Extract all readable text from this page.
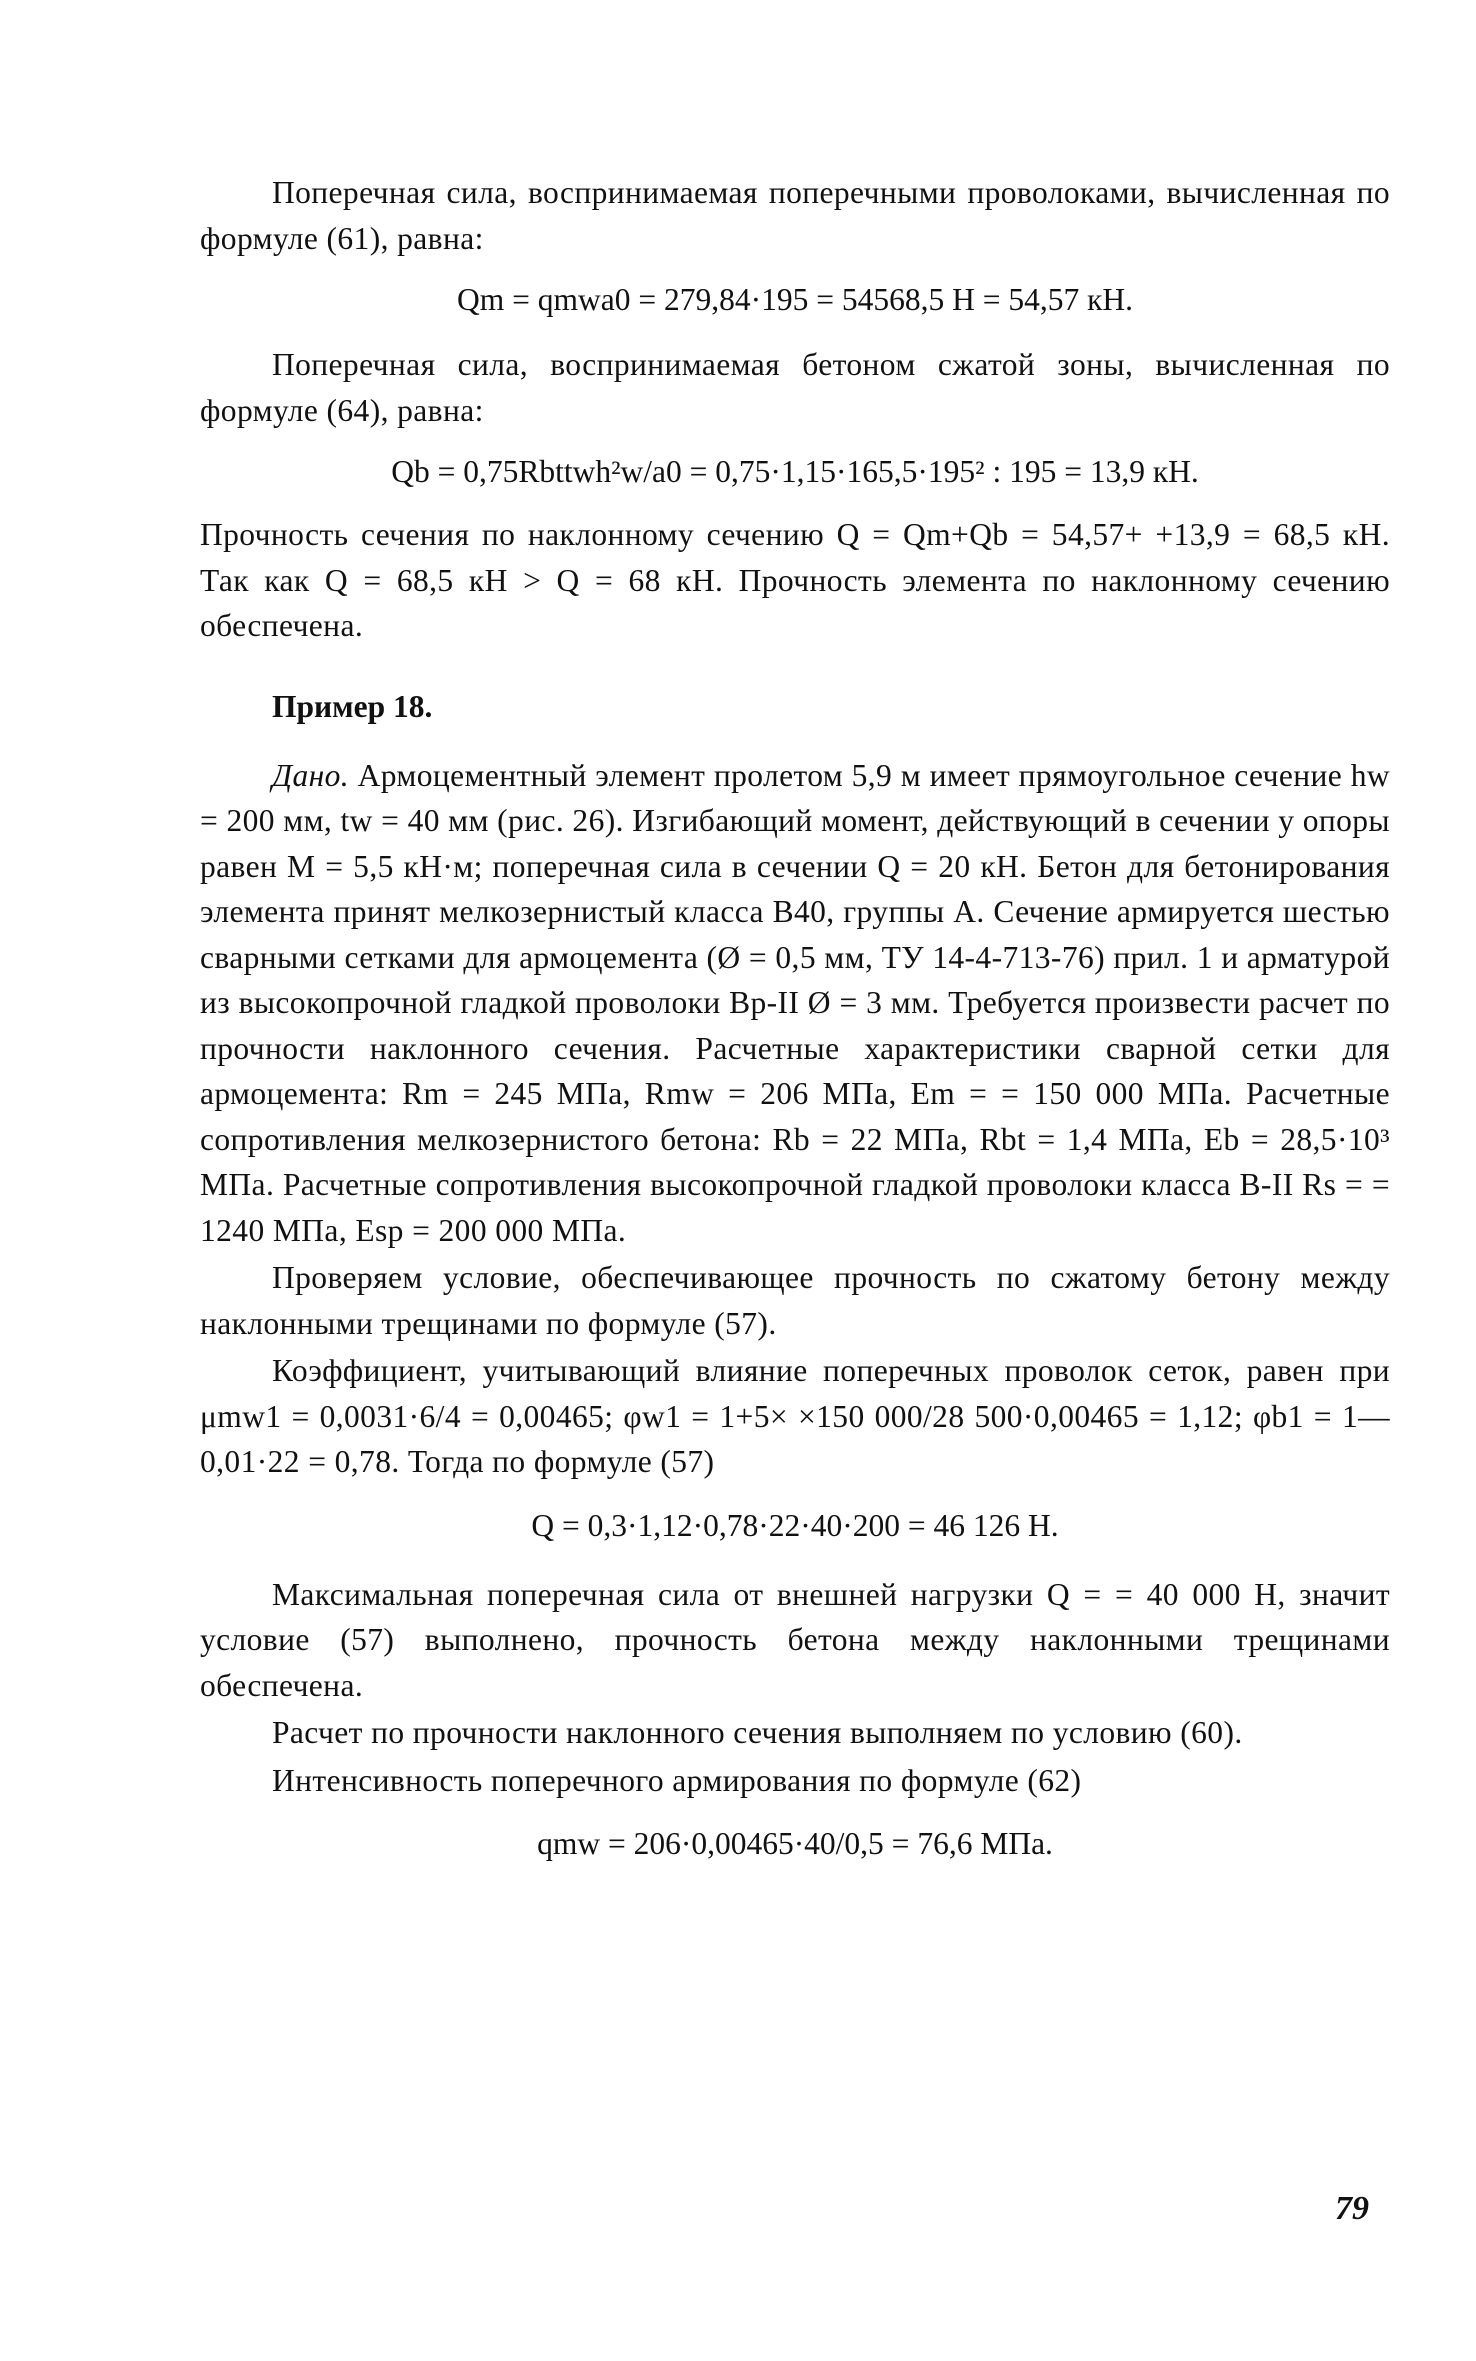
Поперечная сила, воспринимаемая поперечными проволоками, вычисленная по формуле (61), равна:

Qm = qmwa0 = 279,84·195 = 54568,5 Н = 54,57 кН.

Поперечная сила, воспринимаемая бетоном сжатой зоны, вычисленная по формуле (64), равна:

Qb = 0,75Rbttwh²w/a0 = 0,75·1,15·165,5·195² : 195 = 13,9 кН.

Прочность сечения по наклонному сечению Q = Qm+Qb = 54,57+ +13,9 = 68,5 кН. Так как Q = 68,5 кН > Q = 68 кН. Прочность элемента по наклонному сечению обеспечена.

Пример 18.

Дано. Армоцементный элемент пролетом 5,9 м имеет прямоугольное сечение hw = 200 мм, tw = 40 мм (рис. 26). Изгибающий момент, действующий в сечении у опоры равен M = 5,5 кН·м; поперечная сила в сечении Q = 20 кН. Бетон для бетонирования элемента принят мелкозернистый класса В40, группы А. Сечение армируется шестью сварными сетками для армоцемента (Ø = 0,5 мм, ТУ 14-4-713-76) прил. 1 и арматурой из высокопрочной гладкой проволоки Вр-II Ø = 3 мм. Требуется произвести расчет по прочности наклонного сечения. Расчетные характеристики сварной сетки для армоцемента: Rm = 245 МПа, Rmw = 206 МПа, Em = = 150 000 МПа. Расчетные сопротивления мелкозернистого бетона: Rb = 22 МПа, Rbt = 1,4 МПа, Eb = 28,5·10³ МПа. Расчетные сопротивления высокопрочной гладкой проволоки класса В-II Rs = = 1240 МПа, Esp = 200 000 МПа.

Проверяем условие, обеспечивающее прочность по сжатому бетону между наклонными трещинами по формуле (57).

Коэффициент, учитывающий влияние поперечных проволок сеток, равен при μmw1 = 0,0031·6/4 = 0,00465; φw1 = 1+5× ×150 000/28 500·0,00465 = 1,12; φb1 = 1—0,01·22 = 0,78. Тогда по формуле (57)

Q = 0,3·1,12·0,78·22·40·200 = 46 126 Н.

Максимальная поперечная сила от внешней нагрузки Q = = 40 000 Н, значит условие (57) выполнено, прочность бетона между наклонными трещинами обеспечена.

Расчет по прочности наклонного сечения выполняем по условию (60).

Интенсивность поперечного армирования по формуле (62)

qmw = 206·0,00465·40/0,5 = 76,6 МПа.

79
